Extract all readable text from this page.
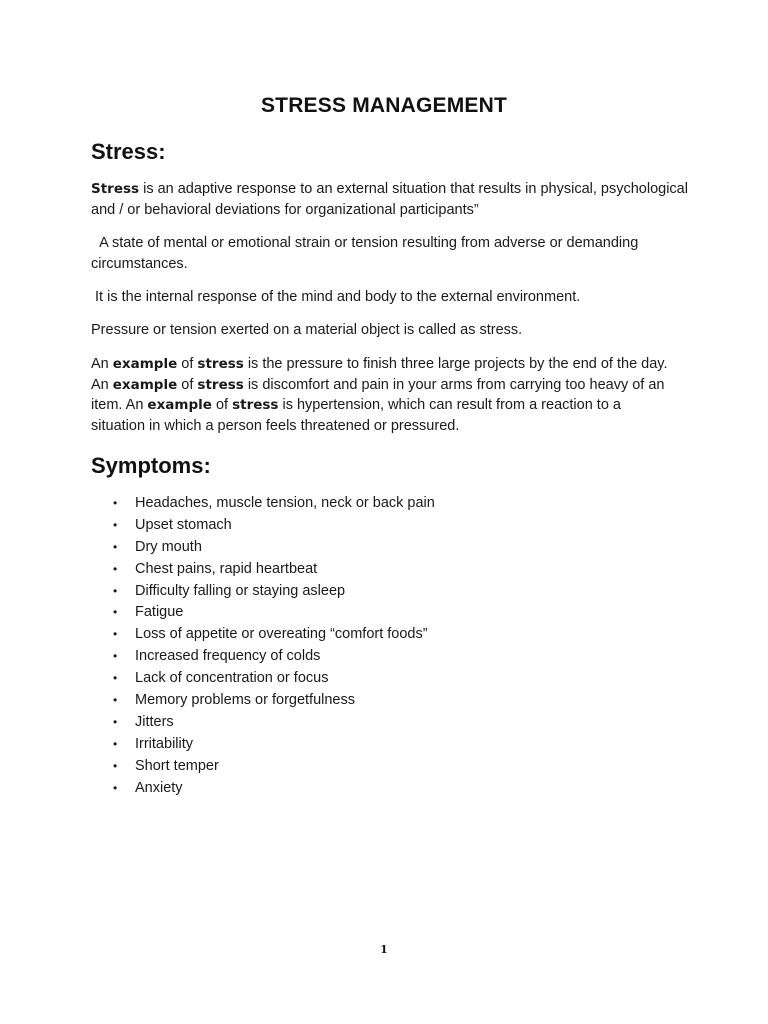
STRESS MANAGEMENT
Stress:
Stress is an adaptive response to an external situation that results in physical, psychological and / or behavioral deviations for organizational participants”
A state of mental or emotional strain or tension resulting from adverse or demanding circumstances.
It is the internal response of the mind and body to the external environment.
Pressure or tension exerted on a material object is called as stress.
An example of stress is the pressure to finish three large projects by the end of the day. An example of stress is discomfort and pain in your arms from carrying too heavy of an item. An example of stress is hypertension, which can result from a reaction to a situation in which a person feels threatened or pressured.
Symptoms:
• Headaches, muscle tension, neck or back pain
• Upset stomach
• Dry mouth
• Chest pains, rapid heartbeat
• Difficulty falling or staying asleep
• Fatigue
• Loss of appetite or overeating “comfort foods”
• Increased frequency of colds
• Lack of concentration or focus
• Memory problems or forgetfulness
• Jitters
• Irritability
• Short temper
• Anxiety
1
